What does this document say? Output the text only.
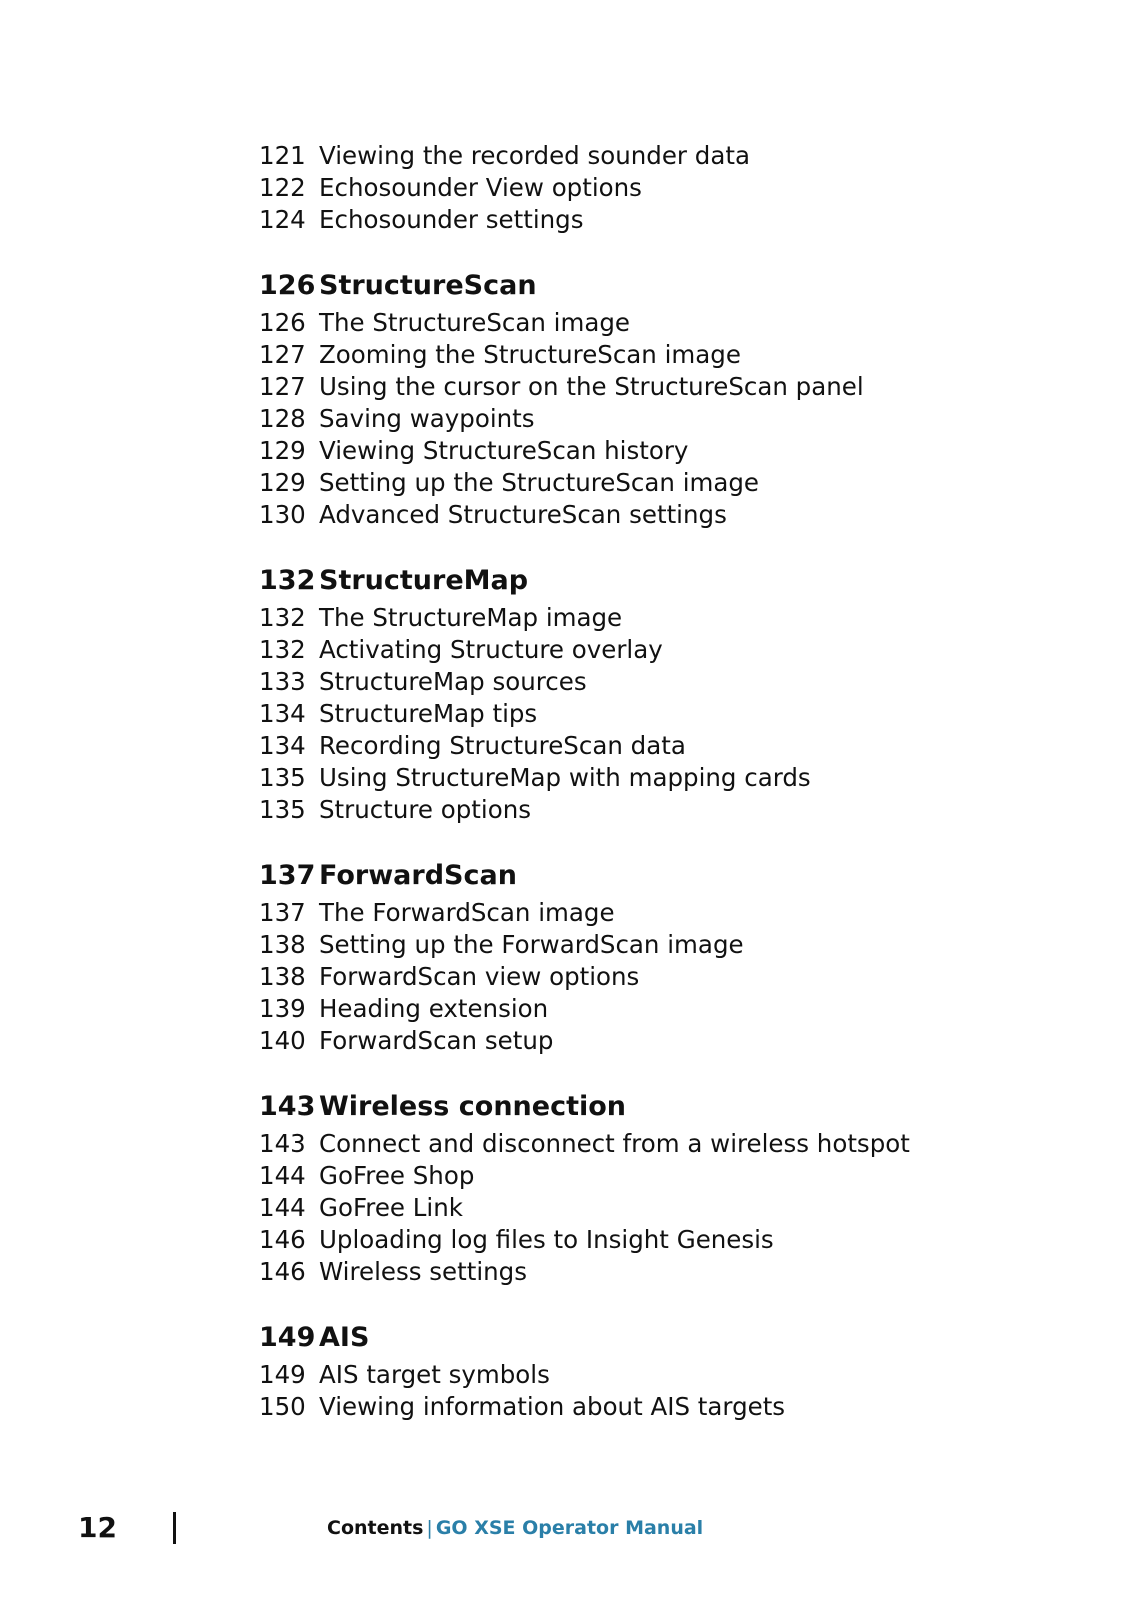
121 Viewing the recorded sounder data
122 Echosounder View options
124 Echosounder settings
126 StructureScan
126 The StructureScan image
127 Zooming the StructureScan image
127 Using the cursor on the StructureScan panel
128 Saving waypoints
129 Viewing StructureScan history
129 Setting up the StructureScan image
130 Advanced StructureScan settings
132 StructureMap
132 The StructureMap image
132 Activating Structure overlay
133 StructureMap sources
134 StructureMap tips
134 Recording StructureScan data
135 Using StructureMap with mapping cards
135 Structure options
137 ForwardScan
137 The ForwardScan image
138 Setting up the ForwardScan image
138 ForwardScan view options
139 Heading extension
140 ForwardScan setup
143 Wireless connection
143 Connect and disconnect from a wireless hotspot
144 GoFree Shop
144 GoFree Link
146 Uploading log files to Insight Genesis
146 Wireless settings
149 AIS
149 AIS target symbols
150 Viewing information about AIS targets
12	Contents | GO XSE Operator Manual
